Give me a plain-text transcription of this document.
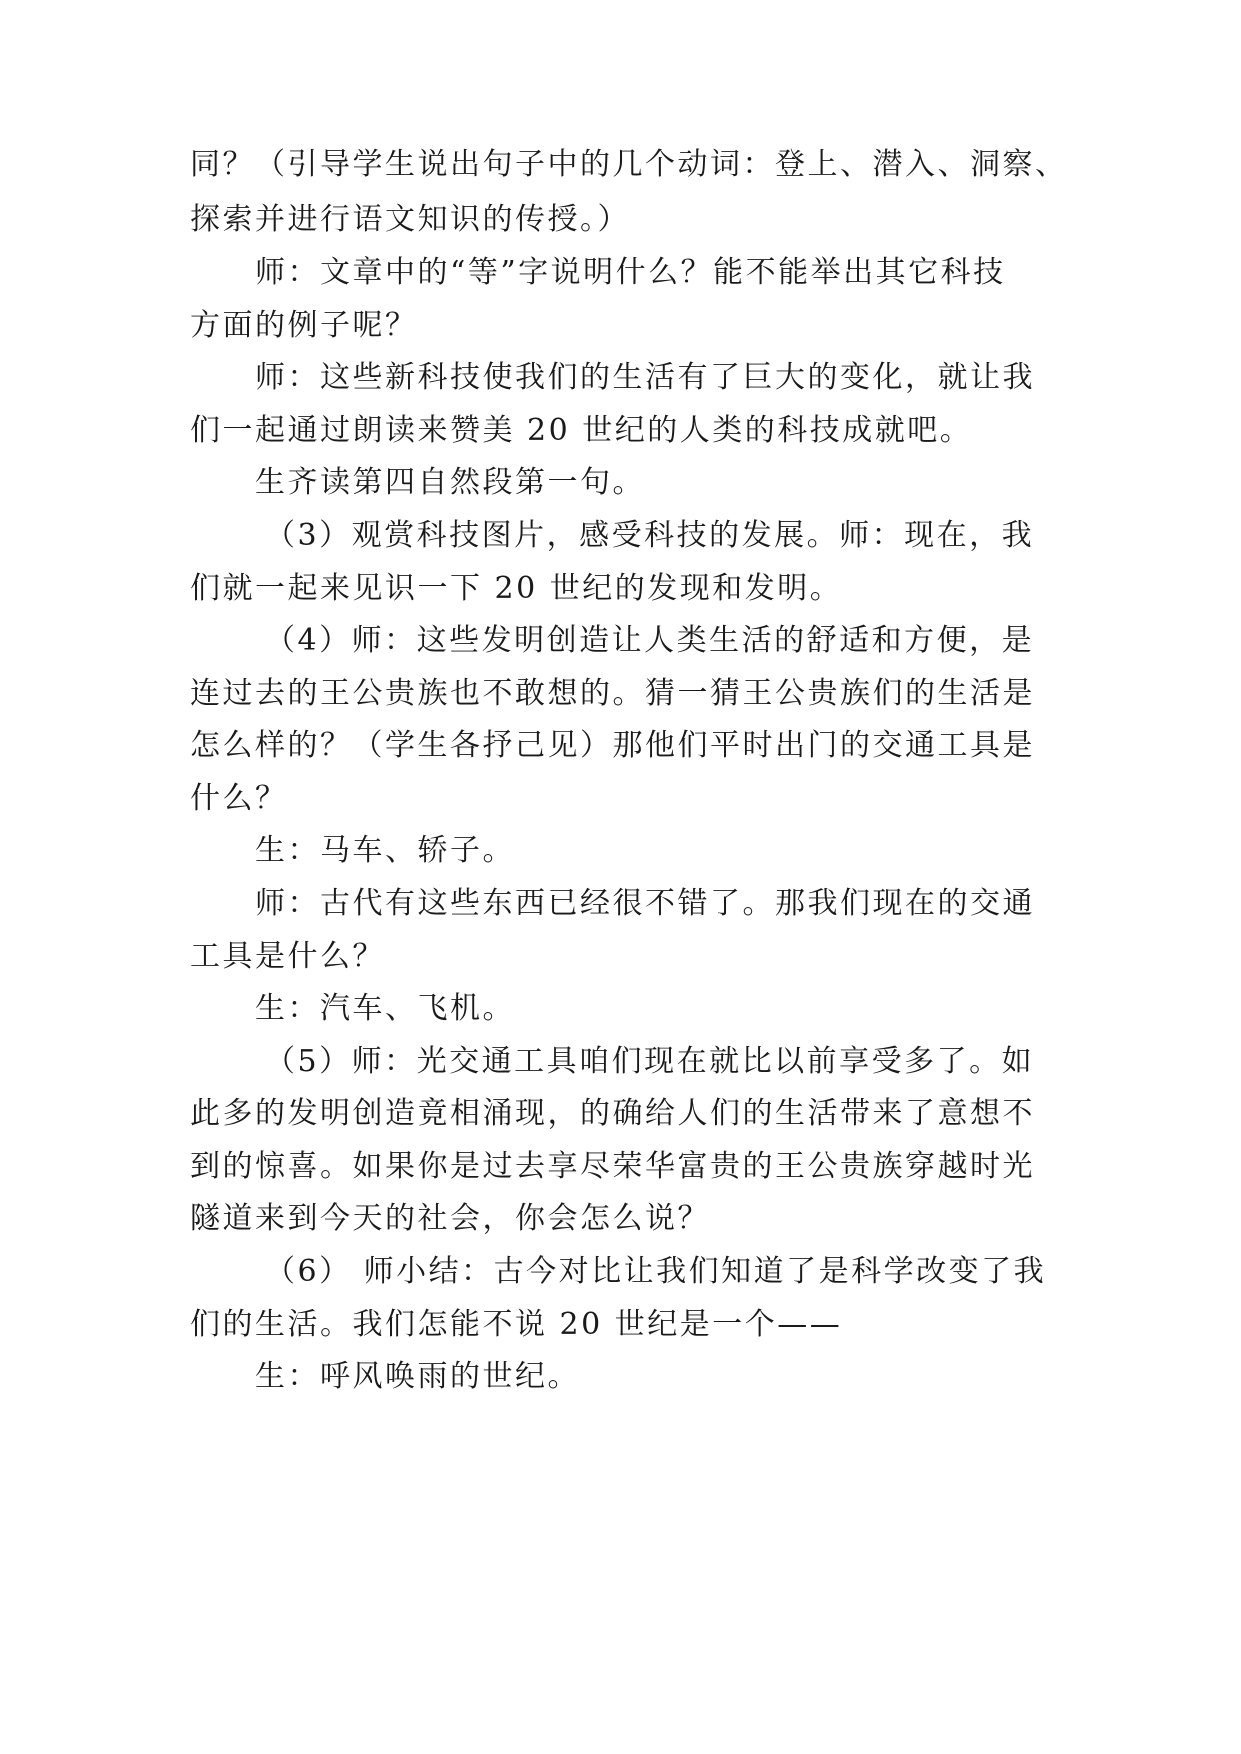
同？（引导学生说出句子中的几个动词：登上、潜入、洞察、
探索并进行语文知识的传授。）
师：文章中的“等”字说明什么？能不能举出其它科技
方面的例子呢？
师：这些新科技使我们的生活有了巨大的变化，就让我
们一起通过朗读来赞美 20 世纪的人类的科技成就吧。
生齐读第四自然段第一句。
（3）观赏科技图片，感受科技的发展。师：现在，我
们就一起来见识一下 20 世纪的发现和发明。
（4）师：这些发明创造让人类生活的舒适和方便，是
连过去的王公贵族也不敢想的。猜一猜王公贵族们的生活是
怎么样的？（学生各抒己见）那他们平时出门的交通工具是
什么？
生：马车、轿子。
师：古代有这些东西已经很不错了。那我们现在的交通
工具是什么？
生：汽车、飞机。
（5）师：光交通工具咱们现在就比以前享受多了。如
此多的发明创造竟相涌现，的确给人们的生活带来了意想不
到的惊喜。如果你是过去享尽荣华富贵的王公贵族穿越时光
隧道来到今天的社会，你会怎么说？
（6） 师小结：古今对比让我们知道了是科学改变了我
们的生活。我们怎能不说 20 世纪是一个——
生：呼风唤雨的世纪。
